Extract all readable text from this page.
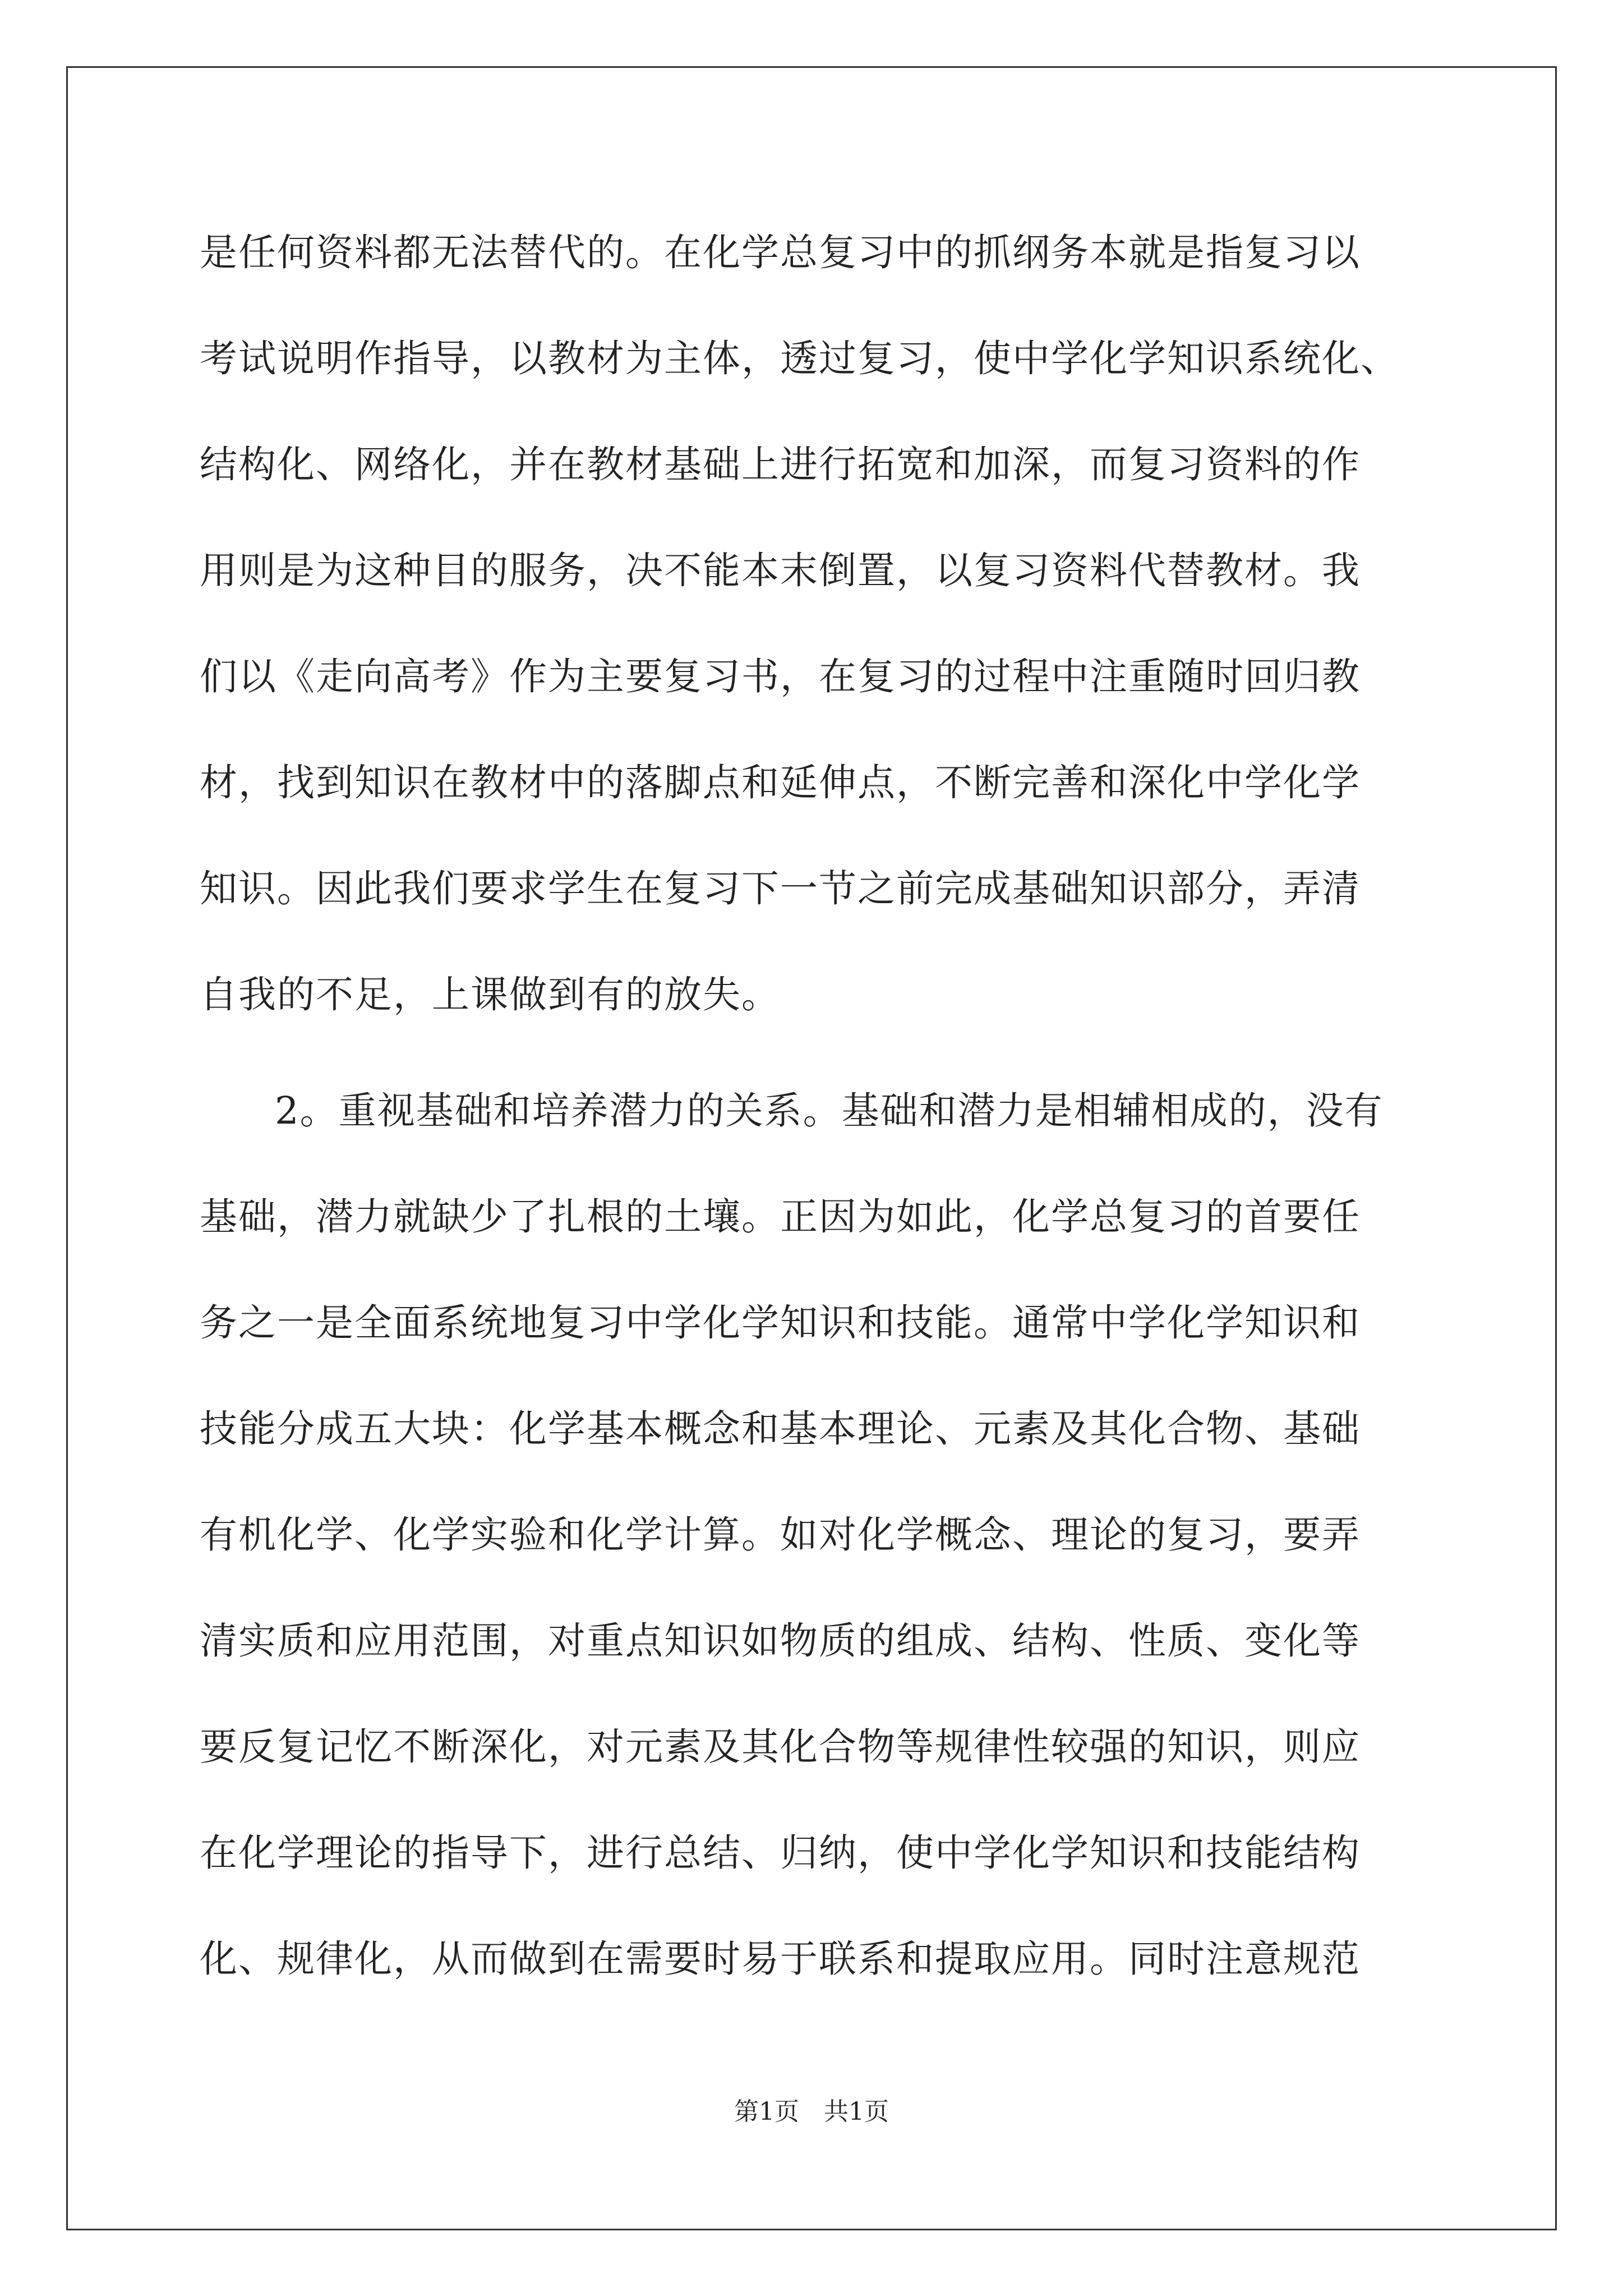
是任何资料都无法替代的。在化学总复习中的抓纲务本就是指复习以
考试说明作指导，以教材为主体，透过复习，使中学化学知识系统化、
结构化、网络化，并在教材基础上进行拓宽和加深，而复习资料的作
用则是为这种目的服务，决不能本末倒置，以复习资料代替教材。我
们以《走向高考》作为主要复习书，在复习的过程中注重随时回归教
材，找到知识在教材中的落脚点和延伸点，不断完善和深化中学化学
知识。因此我们要求学生在复习下一节之前完成基础知识部分，弄清
自我的不足，上课做到有的放失。
2。重视基础和培养潜力的关系。基础和潜力是相辅相成的，没有
基础，潜力就缺少了扎根的土壤。正因为如此，化学总复习的首要任
务之一是全面系统地复习中学化学知识和技能。通常中学化学知识和
技能分成五大块：化学基本概念和基本理论、元素及其化合物、基础
有机化学、化学实验和化学计算。如对化学概念、理论的复习，要弄
清实质和应用范围，对重点知识如物质的组成、结构、性质、变化等
要反复记忆不断深化，对元素及其化合物等规律性较强的知识，则应
在化学理论的指导下，进行总结、归纳，使中学化学知识和技能结构
化、规律化，从而做到在需要时易于联系和提取应用。同时注意规范
第1页　共1页
